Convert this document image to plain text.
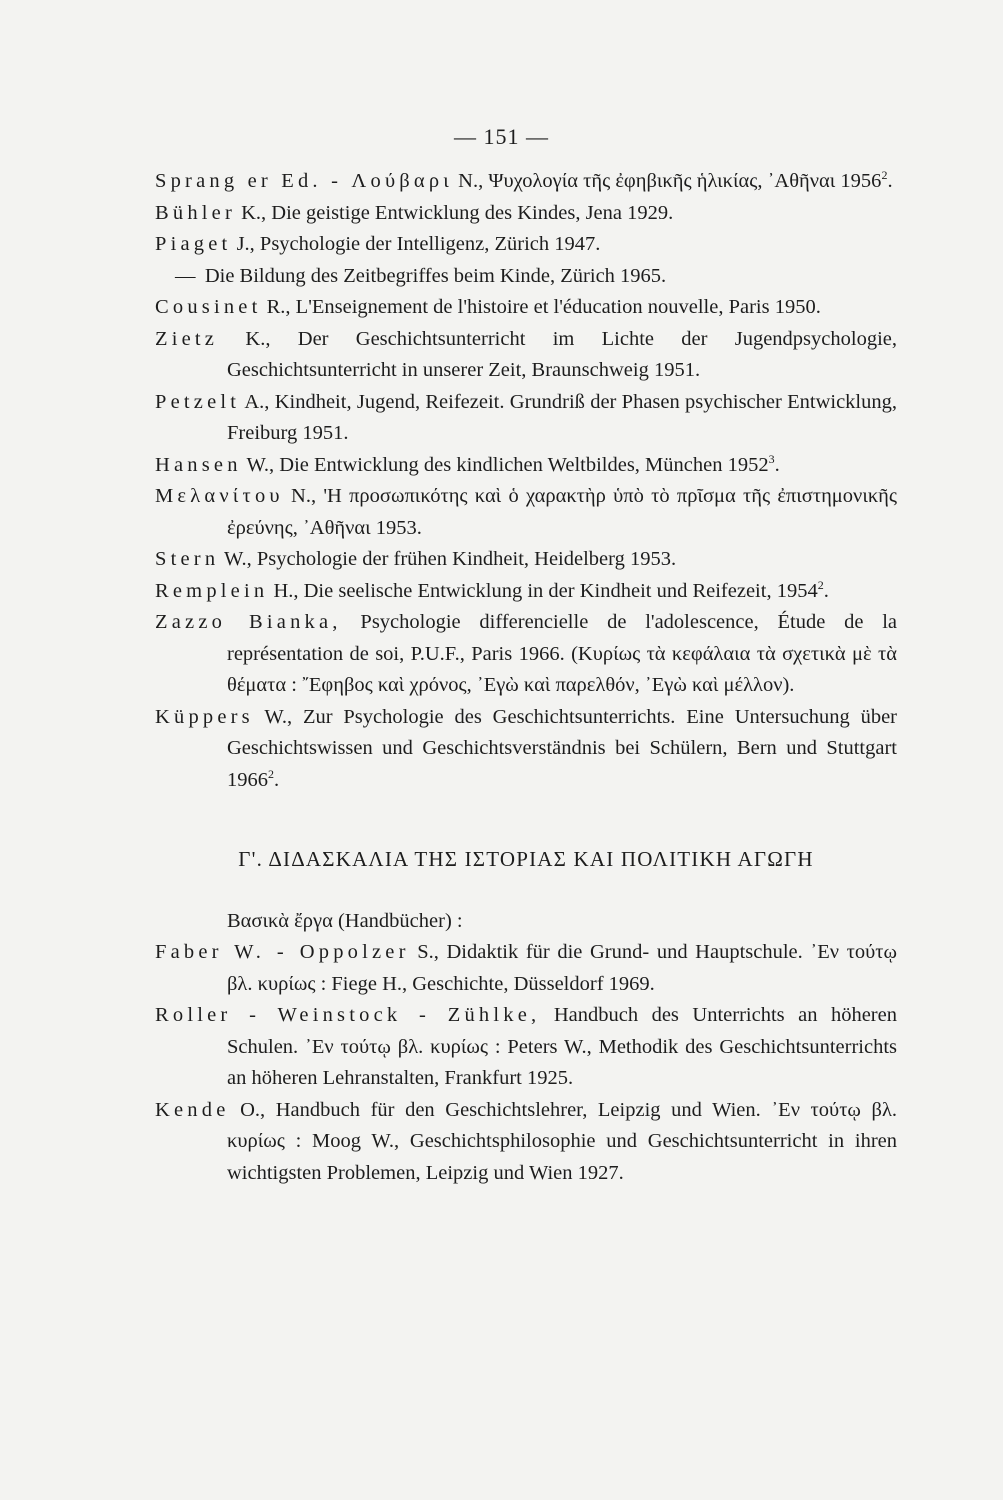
— 151 —

Sprang er Ed. - Λούβαρι N., Ψυχολογία τῆς ἐφηβικῆς ἡλικίας, ᾿Αθῆναι 1956$^2$.

Bühler K., Die geistige Entwicklung des Kindes, Jena 1929.

Piaget J., Psychologie der Intelligenz, Zürich 1947.

— Die Bildung des Zeitbegriffes beim Kinde, Zürich 1965.

Cousinet R., L'Enseignement de l'histoire et l'éducation nouvelle, Paris 1950.

Zietz K., Der Geschichtsunterricht im Lichte der Jugendpsychologie, Geschichtsunterricht in unserer Zeit, Braunschweig 1951.

Petzelt A., Kindheit, Jugend, Reifezeit. Grundriß der Phasen psychischer Entwicklung, Freiburg 1951.

Hansen W., Die Entwicklung des kindlichen Weltbildes, München 1952$^3$.

Μελανίτου N., 'Η προσωπικότης καὶ ὁ χαρακτὴρ ὑπὸ τὸ πρῖσμα τῆς ἐπιστημονικῆς ἐρεύνης, ᾿Αθῆναι 1953.

Stern W., Psychologie der frühen Kindheit, Heidelberg 1953.

Remplein H., Die seelische Entwicklung in der Kindheit und Reifezeit, 1954$^2$.

Zazzo Bianka, Psychologie differencielle de l'adolescence, Étude de la représentation de soi, P.U.F., Paris 1966. (Κυρίως τὰ κεφάλαια τὰ σχετικὰ μὲ τὰ θέματα : ῎Εφηβος καὶ χρόνος, ᾿Εγὼ καὶ παρελθόν, ᾿Εγὼ καὶ μέλλον).

Küppers W., Zur Psychologie des Geschichtsunterrichts. Eine Untersuchung über Geschichtswissen und Geschichtsverständnis bei Schülern, Bern und Stuttgart 1966$^2$.

Γ'. ΔΙΔΑΣΚΑΛΙΑ ΤΗΣ ΙΣΤΟΡΙΑΣ ΚΑΙ ΠΟΛΙΤΙΚΗ ΑΓΩΓΗ

Βασικὰ ἔργα (Handbücher) :

Faber W. - Oppolzer S., Didaktik für die Grund- und Hauptschule. ᾿Εν τούτῳ βλ. κυρίως : Fiege H., Geschichte, Düsseldorf 1969.

Roller - Weinstock - Zühlke, Handbuch des Unterrichts an höheren Schulen. ᾿Εν τούτῳ βλ. κυρίως : Peters W., Methodik des Geschichtsunterrichts an höheren Lehranstalten, Frankfurt 1925.

Kende O., Handbuch für den Geschichtslehrer, Leipzig und Wien. ᾿Εν τούτῳ βλ. κυρίως : Moog W., Geschichtsphilosophie und Geschichtsunterricht in ihren wichtigsten Problemen, Leipzig und Wien 1927.
